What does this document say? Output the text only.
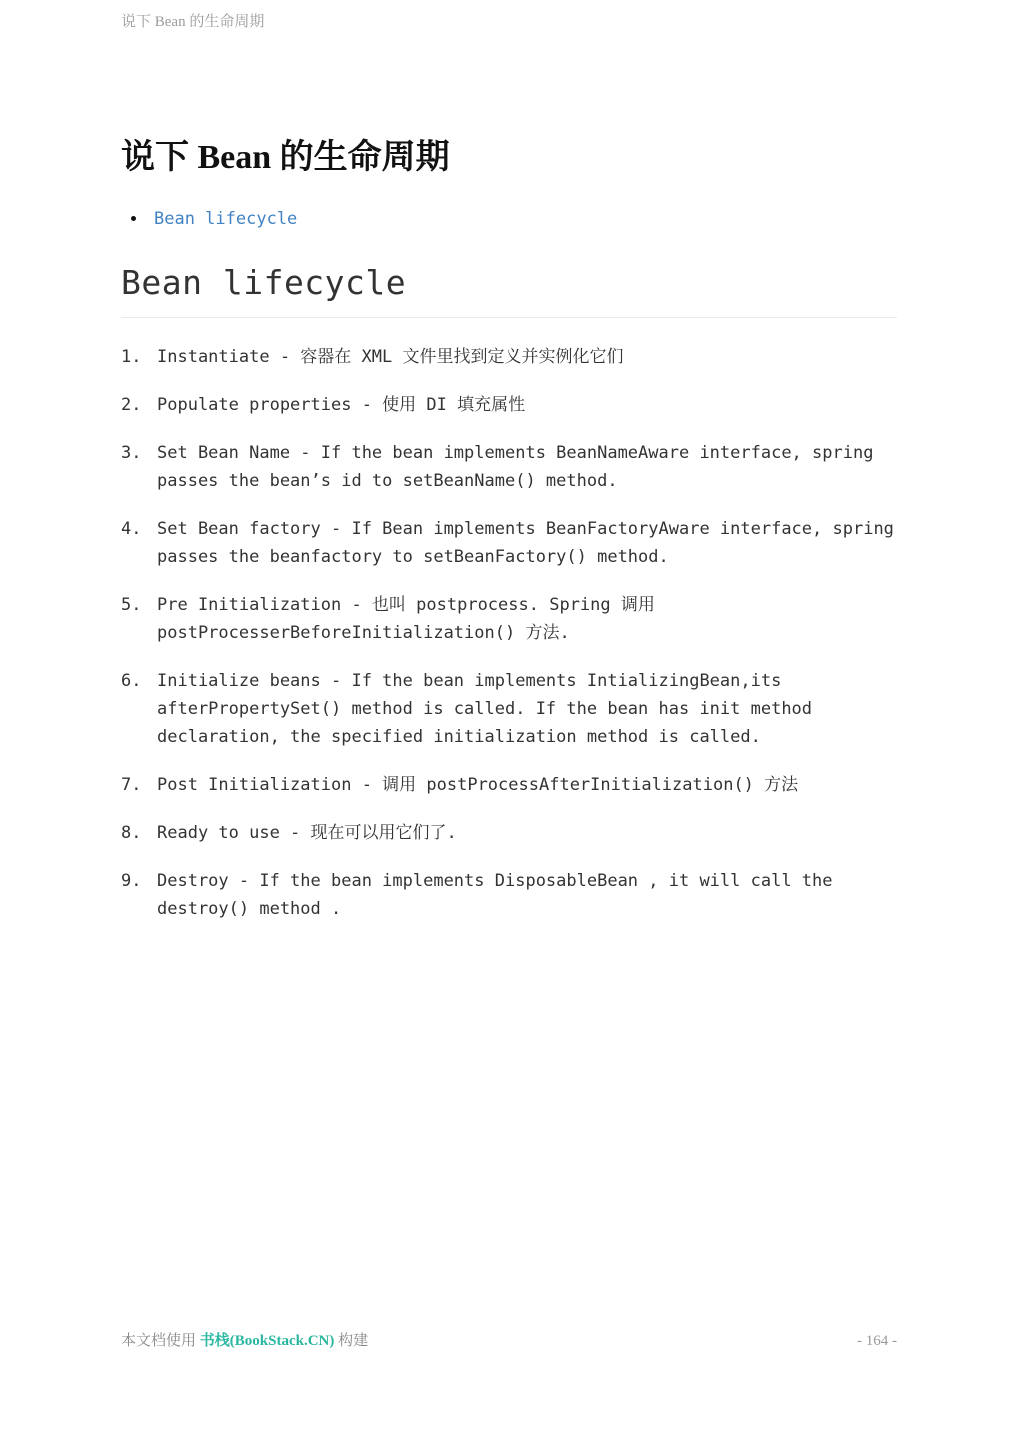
说下 Bean 的生命周期
说下 Bean 的生命周期
• Bean lifecycle
Bean lifecycle
1. Instantiate - 容器在 XML 文件里找到定义并实例化它们
2. Populate properties - 使用 DI 填充属性
3. Set Bean Name - If the bean implements BeanNameAware interface, spring passes the bean’s id to setBeanName() method.
4. Set Bean factory - If Bean implements BeanFactoryAware interface, spring passes the beanfactory to setBeanFactory() method.
5. Pre Initialization - 也叫 postprocess. Spring 调用 postProcesserBeforeInitialization() 方法.
6. Initialize beans - If the bean implements IntializingBean,its afterPropertySet() method is called. If the bean has init method declaration, the specified initialization method is called.
7. Post Initialization - 调用 postProcessAfterInitialization() 方法
8. Ready to use - 现在可以用它们了.
9. Destroy - If the bean implements DisposableBean , it will call the destroy() method .
本文档使用 书栈(BookStack.CN) 构建	- 164 -
